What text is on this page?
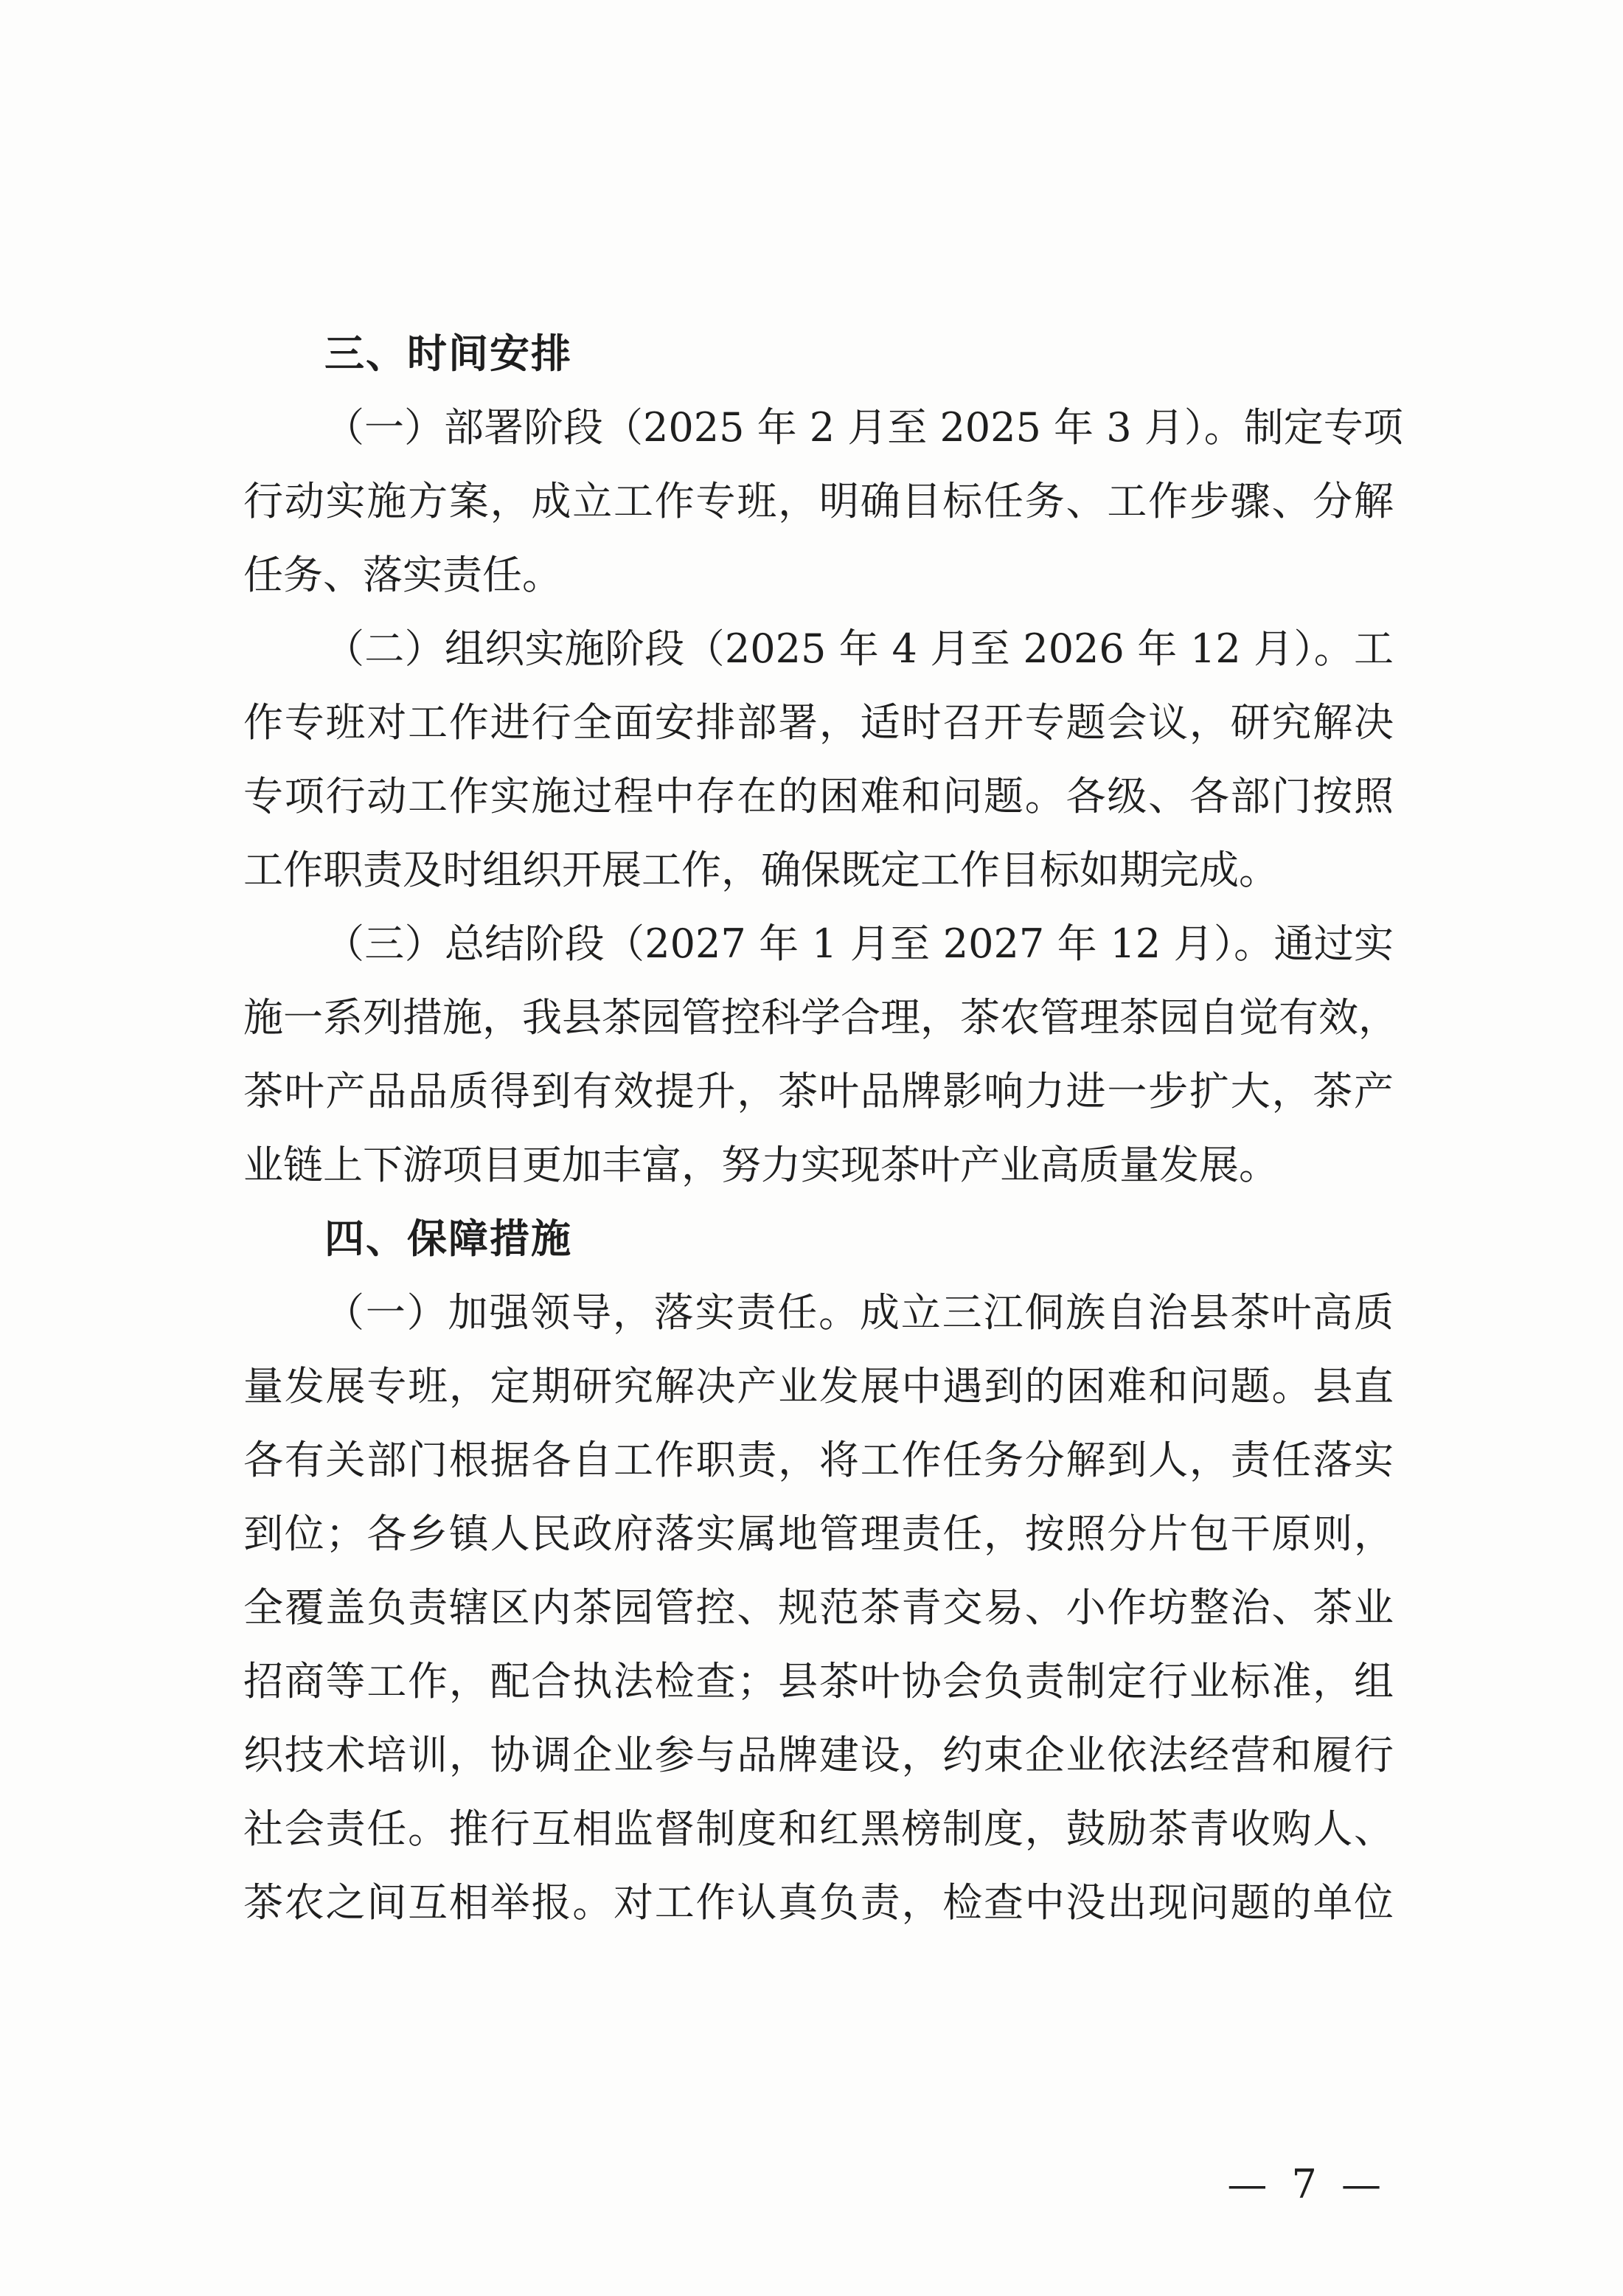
三、时间安排

（一）部署阶段（2025 年 2 月至 2025 年 3 月）。制定专项
行动实施方案，成立工作专班，明确目标任务、工作步骤、分解
任务、落实责任。

（二）组织实施阶段（2025 年 4 月至 2026 年 12 月）。工
作专班对工作进行全面安排部署，适时召开专题会议，研究解决
专项行动工作实施过程中存在的困难和问题。各级、各部门按照
工作职责及时组织开展工作，确保既定工作目标如期完成。

（三）总结阶段（2027 年 1 月至 2027 年 12 月）。通过实
施一系列措施，我县茶园管控科学合理，茶农管理茶园自觉有效，
茶叶产品品质得到有效提升，茶叶品牌影响力进一步扩大，茶产
业链上下游项目更加丰富，努力实现茶叶产业高质量发展。

四、保障措施

（一）加强领导，落实责任。成立三江侗族自治县茶叶高质
量发展专班，定期研究解决产业发展中遇到的困难和问题。县直
各有关部门根据各自工作职责，将工作任务分解到人，责任落实
到位；各乡镇人民政府落实属地管理责任，按照分片包干原则，
全覆盖负责辖区内茶园管控、规范茶青交易、小作坊整治、茶业
招商等工作，配合执法检查；县茶叶协会负责制定行业标准，组
织技术培训，协调企业参与品牌建设，约束企业依法经营和履行
社会责任。推行互相监督制度和红黑榜制度，鼓励茶青收购人、
茶农之间互相举报。对工作认真负责，检查中没出现问题的单位

— 7 —
